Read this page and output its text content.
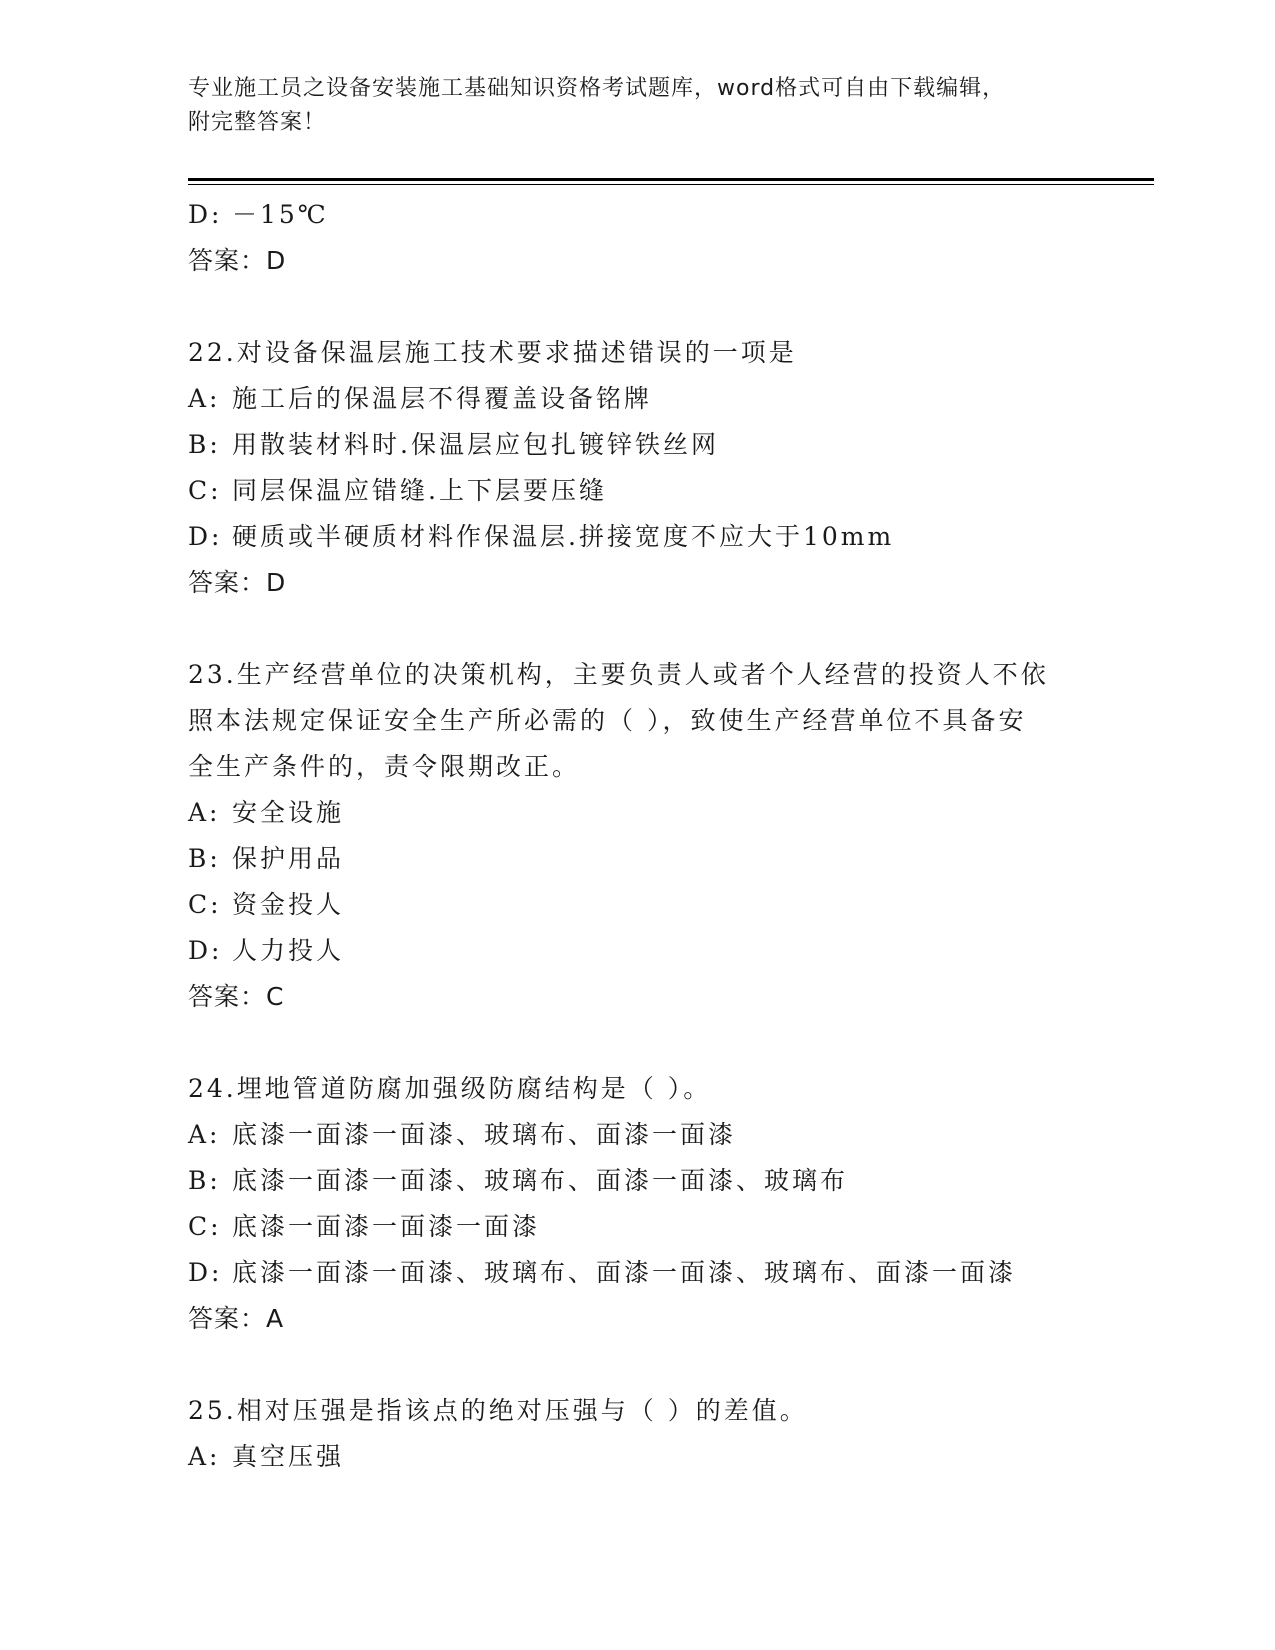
专业施工员之设备安装施工基础知识资格考试题库，word格式可自由下载编辑，
附完整答案！
D: －15℃
答案：D
22.对设备保温层施工技术要求描述错误的一项是
A: 施工后的保温层不得覆盖设备铭牌
B: 用散装材料时.保温层应包扎镀锌铁丝网
C: 同层保温应错缝.上下层要压缝
D: 硬质或半硬质材料作保温层.拼接宽度不应大于10mm
答案：D
23.生产经营单位的决策机构，主要负责人或者个人经营的投资人不依
照本法规定保证安全生产所必需的（ ），致使生产经营单位不具备安
全生产条件的，责令限期改正。
A: 安全设施
B: 保护用品
C: 资金投人
D: 人力投人
答案：C
24.埋地管道防腐加强级防腐结构是（ ）。
A: 底漆一面漆一面漆、玻璃布、面漆一面漆
B: 底漆一面漆一面漆、玻璃布、面漆一面漆、玻璃布
C: 底漆一面漆一面漆一面漆
D: 底漆一面漆一面漆、玻璃布、面漆一面漆、玻璃布、面漆一面漆
答案：A
25.相对压强是指该点的绝对压强与（ ）的差值。
A: 真空压强
